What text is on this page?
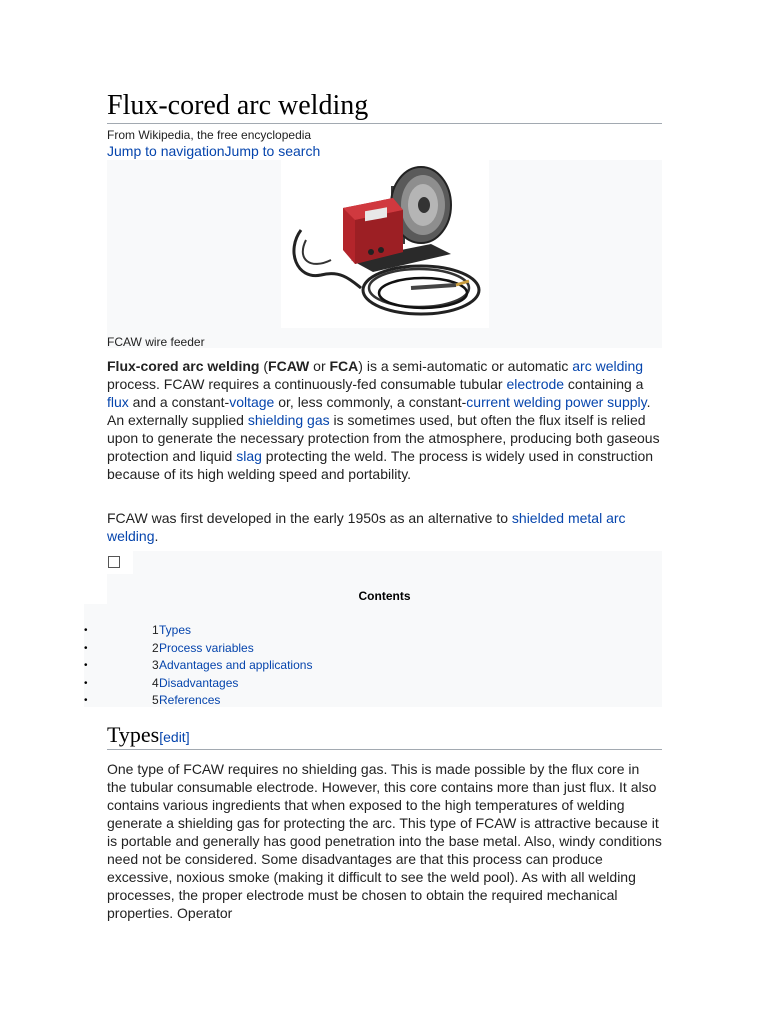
Flux-cored arc welding
From Wikipedia, the free encyclopedia
Jump to navigationJump to search
FCAW wire feeder

Flux-cored arc welding (FCAW or FCA) is a semi-automatic or automatic arc welding process. FCAW requires a continuously-fed consumable tubular electrode containing a flux and a constant-voltage or, less commonly, a constant-current welding power supply. An externally supplied shielding gas is sometimes used, but often the flux itself is relied upon to generate the necessary protection from the atmosphere, producing both gaseous protection and liquid slag protecting the weld. The process is widely used in construction because of its high welding speed and portability.

FCAW was first developed in the early 1950s as an alternative to shielded metal arc welding.

Contents
•	1 Types
•	2 Process variables
•	3 Advantages and applications
•	4 Disadvantages
•	5 References
Types[edit]

One type of FCAW requires no shielding gas. This is made possible by the flux core in the tubular consumable electrode. However, this core contains more than just flux. It also contains various ingredients that when exposed to the high temperatures of welding generate a shielding gas for protecting the arc. This type of FCAW is attractive because it is portable and generally has good penetration into the base metal. Also, windy conditions need not be considered. Some disadvantages are that this process can produce excessive, noxious smoke (making it difficult to see the weld pool). As with all welding processes, the proper electrode must be chosen to obtain the required mechanical properties. Operator
